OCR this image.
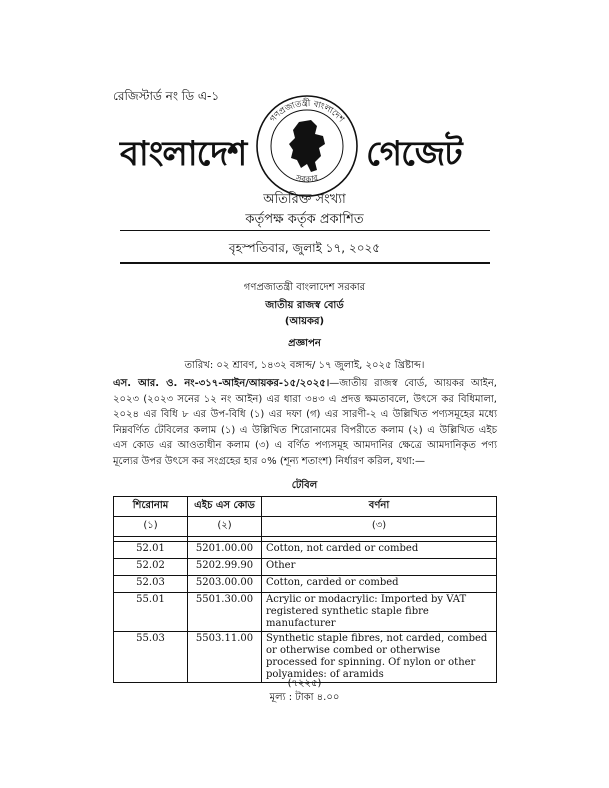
রেজিস্টার্ড নং ডি এ-১
বাংলাদেশ
গণপ্রজাতন্ত্রী বাংলাদেশ
সরকার
গেজেট
অতিরিক্ত সংখ্যা
কর্তৃপক্ষ কর্তৃক প্রকাশিত
বৃহস্পতিবার, জুলাই ১৭, ২০২৫
গণপ্রজাতন্ত্রী বাংলাদেশ সরকার
জাতীয় রাজস্ব বোর্ড
(আয়কর)
প্রজ্ঞাপন
তারিখ: ০২ শ্রাবণ, ১৪৩২ বঙ্গাব্দ/ ১৭ জুলাই, ২০২৫ খ্রিষ্টাব্দ।
এস. আর. ও. নং-৩১৭-আইন/আয়কর-১৫/২০২৫।—জাতীয় রাজস্ব বোর্ড, আয়কর আইন, ২০২৩ (২০২৩ সনের ১২ নং আইন) এর ধারা ৩৪৩ এ প্রদত্ত ক্ষমতাবলে, উৎসে কর বিধিমালা, ২০২৪ এর বিধি ৮ এর উপ-বিধি (১) এর দফা (গ) এর সারণী-২ এ উল্লিখিত পণ্যসমূহের মধ্যে নিম্নবর্ণিত টেবিলের কলাম (১) এ উল্লিখিত শিরোনামের বিপরীতে কলাম (২) এ উল্লিখিত এইচ এস কোড এর আওতাধীন কলাম (৩) এ বর্ণিত পণ্যসমূহ আমদানির ক্ষেত্রে আমদানিকৃত পণ্য মূল্যের উপর উৎসে কর সংগ্রহের হার ০% (শূন্য শতাংশ) নির্ধারণ করিল, যথা:—
টেবিল
শিরোনাম	এইচ এস কোড	বর্ণনা
(১)	(২)	(৩)

52.01	5201.00.00	Cotton, not carded or combed
52.02	5202.99.90	Other
52.03	5203.00.00	Cotton, carded or combed
55.01	5501.30.00	Acrylic or modacrylic: Imported by VAT registered synthetic staple fibre manufacturer
55.03	5503.11.00	Synthetic staple fibres, not carded, combed or otherwise combed or otherwise processed for spinning. Of nylon or other polyamides: of aramids
(৭২২৫)
মূল্য : টাকা ৪.০০
